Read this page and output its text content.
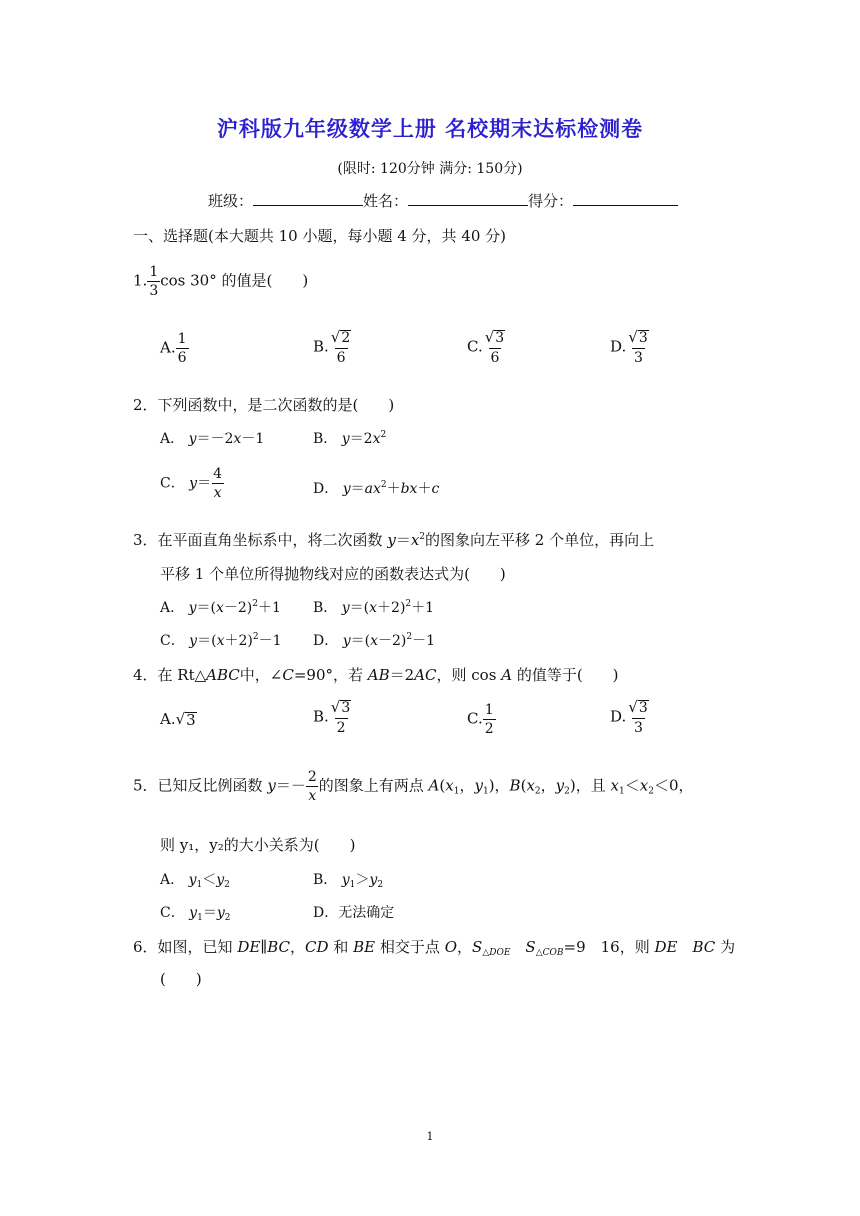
沪科版九年级数学上册 名校期末达标检测卷
(限时: 120分钟 满分: 150分)
班级：	姓名：	得分：
一、选择题(本大题共 10 小题，每小题 4 分，共 40 分)
1. $\frac{1}{3}$ cos 30° 的值是(　　)
A. $\frac{1}{6}$	B. $\frac{√ 2}{6}$	C. $\frac{√ 3}{6}$	D. $\frac{√ 3}{3}$
2．下列函数中，是二次函数的是(　　)
A． y＝－2x－1	B． $y=2x^2$
C． $y= \frac{4}{x}$	D． $y=ax^2+bx+c$
3．在平面直角坐标系中，将二次函数 $y=x^2$的图象向左平移 2 个单位，再向上
平移 1 个单位所得抛物线对应的函数表达式为(　　)
A． $y=(x-2)^2+1$ B． $y=(x+2)^2+1$
C． $y=(x+2)^2-1$ D． $y=(x-2)^2-1$
4．在 Rt△ABC中，∠C=90°，若 AB＝2AC，则 cos A 的值等于(　　)
A. √ 3	B. $\frac{√ 3}{2}$	C. $\frac{1}{2}$	D. $\frac{√ 3}{3}$
5．已知反比例函数 $y=- \frac{2}{x}$ 的图象上有两点 $A(x_1$，$y_1$)，$B(x_2$，$y_2$)，且 $x_1<x_2<0$，
则 y₁，y₂的大小关系为(　　)
A． $y_1<y_2$	B． $y_1>y_2$
C． $y_1=y_2$	D．无法确定
6．如图，已知 DE∥BC，CD 和 BE 相交于点 O，$S_{\triangle DOE}$　 $S_{\triangle COB}=9$　16，则 DE　 BC 为
(　　)
1
